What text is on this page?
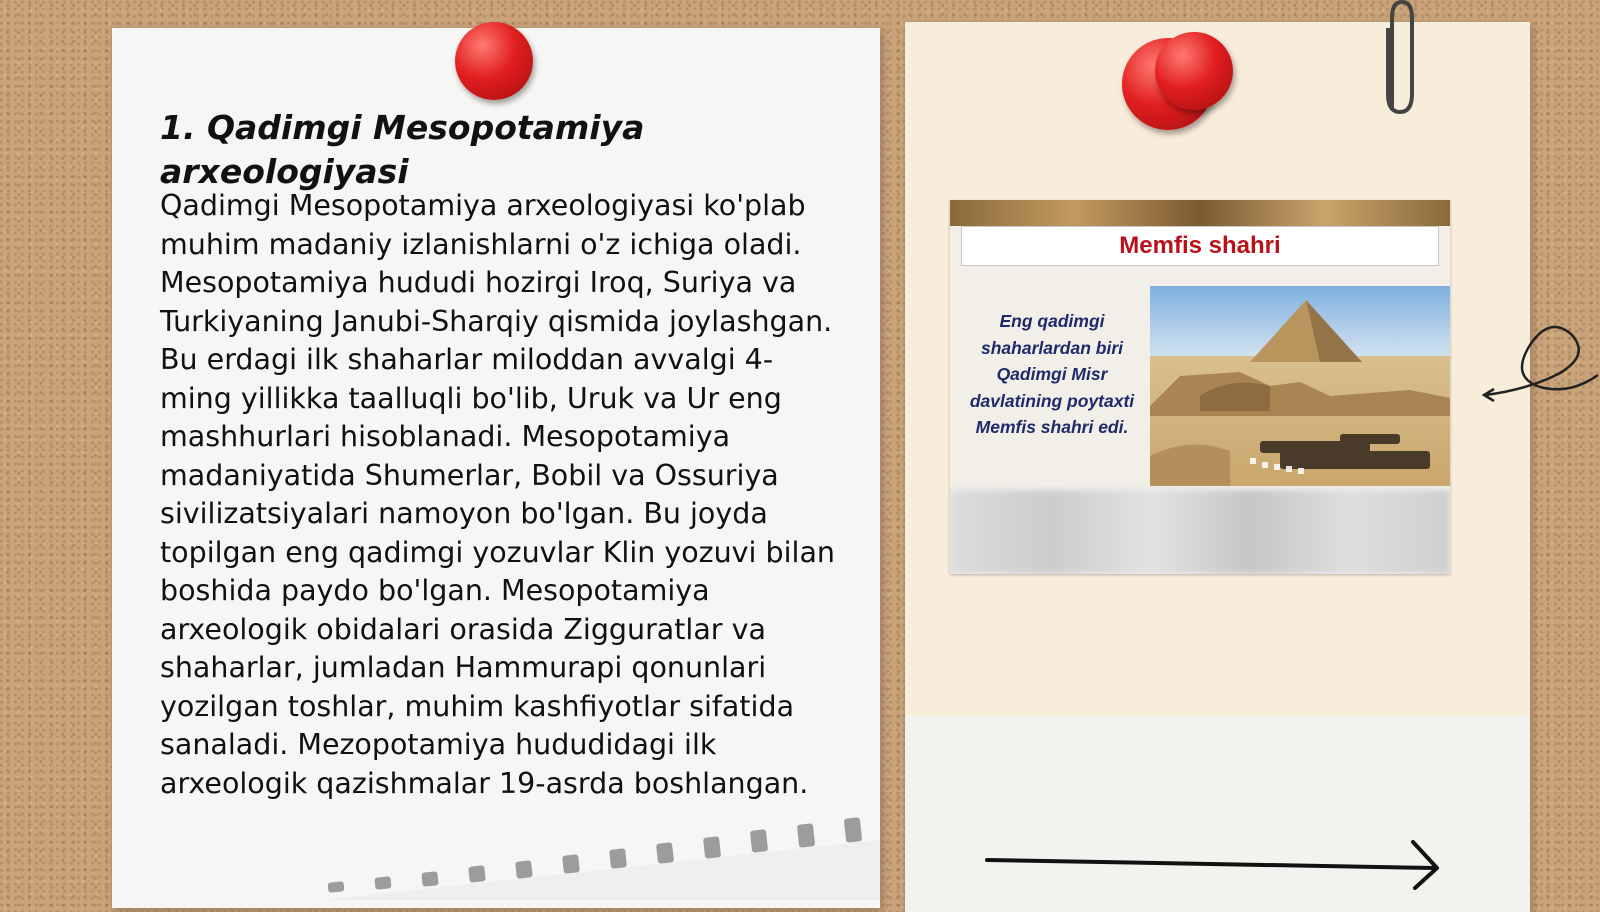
1. Qadimgi Mesopotamiya arxeologiyasi

Qadimgi Mesopotamiya arxeologiyasi ko'plab muhim madaniy izlanishlarni o'z ichiga oladi. Mesopotamiya hududi hozirgi Iroq, Suriya va Turkiyaning Janubi-Sharqiy qismida joylashgan. Bu erdagi ilk shaharlar miloddan avvalgi 4-ming yillikka taalluqli bo'lib, Uruk va Ur eng mashhurlari hisoblanadi. Mesopotamiya madaniyatida Shumerlar, Bobil va Ossuriya sivilizatsiyalari namoyon bo'lgan. Bu joyda topilgan eng qadimgi yozuvlar Klin yozuvi bilan boshida paydo bo'lgan. Mesopotamiya arxeologik obidalari orasida Zigguratlar va shaharlar, jumladan Hammurapi qonunlari yozilgan toshlar, muhim kashfiyotlar sifatida sanaladi. Mezopotamiya hududidagi ilk arxeologik qazishmalar 19-asrda boshlangan.

Memfis shahri

Eng qadimgi shaharlardan biri Qadimgi Misr davlatining poytaxti Memfis shahri edi.
